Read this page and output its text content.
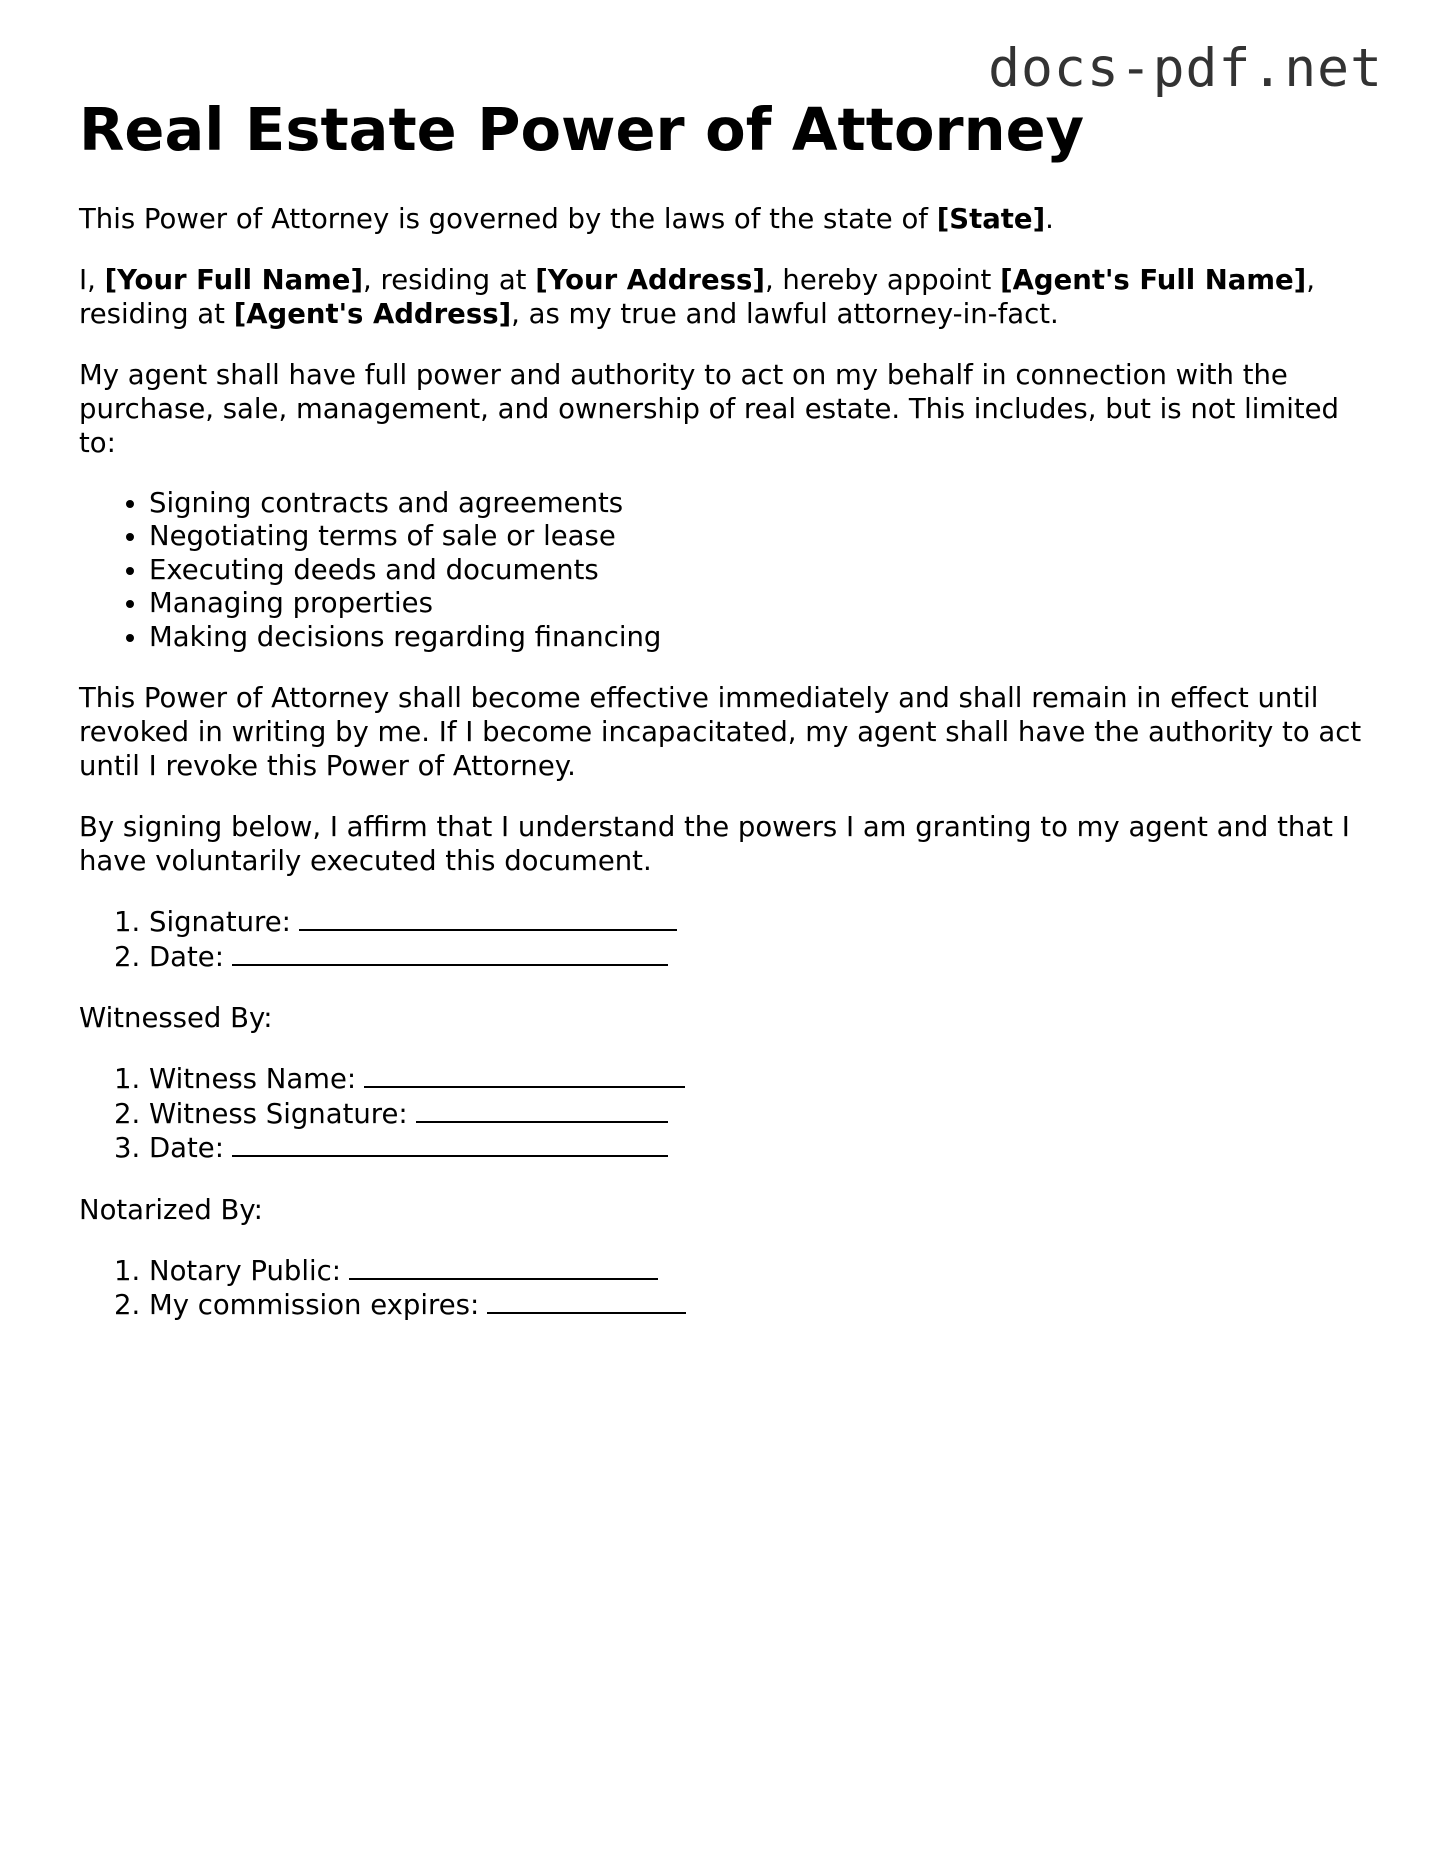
docs-pdf.net
Real Estate Power of Attorney

This Power of Attorney is governed by the laws of the state of [State].

I, [Your Full Name], residing at [Your Address], hereby appoint [Agent's Full Name], residing at [Agent's Address], as my true and lawful attorney-in-fact.

My agent shall have full power and authority to act on my behalf in connection with the purchase, sale, management, and ownership of real estate. This includes, but is not limited to:

• Signing contracts and agreements
• Negotiating terms of sale or lease
• Executing deeds and documents
• Managing properties
• Making decisions regarding financing

This Power of Attorney shall become effective immediately and shall remain in effect until revoked in writing by me. If I become incapacitated, my agent shall have the authority to act until I revoke this Power of Attorney.

By signing below, I affirm that I understand the powers I am granting to my agent and that I have voluntarily executed this document.

1. Signature:
2. Date:

Witnessed By:

1. Witness Name:
2. Witness Signature:
3. Date:

Notarized By:

1. Notary Public:
2. My commission expires:
